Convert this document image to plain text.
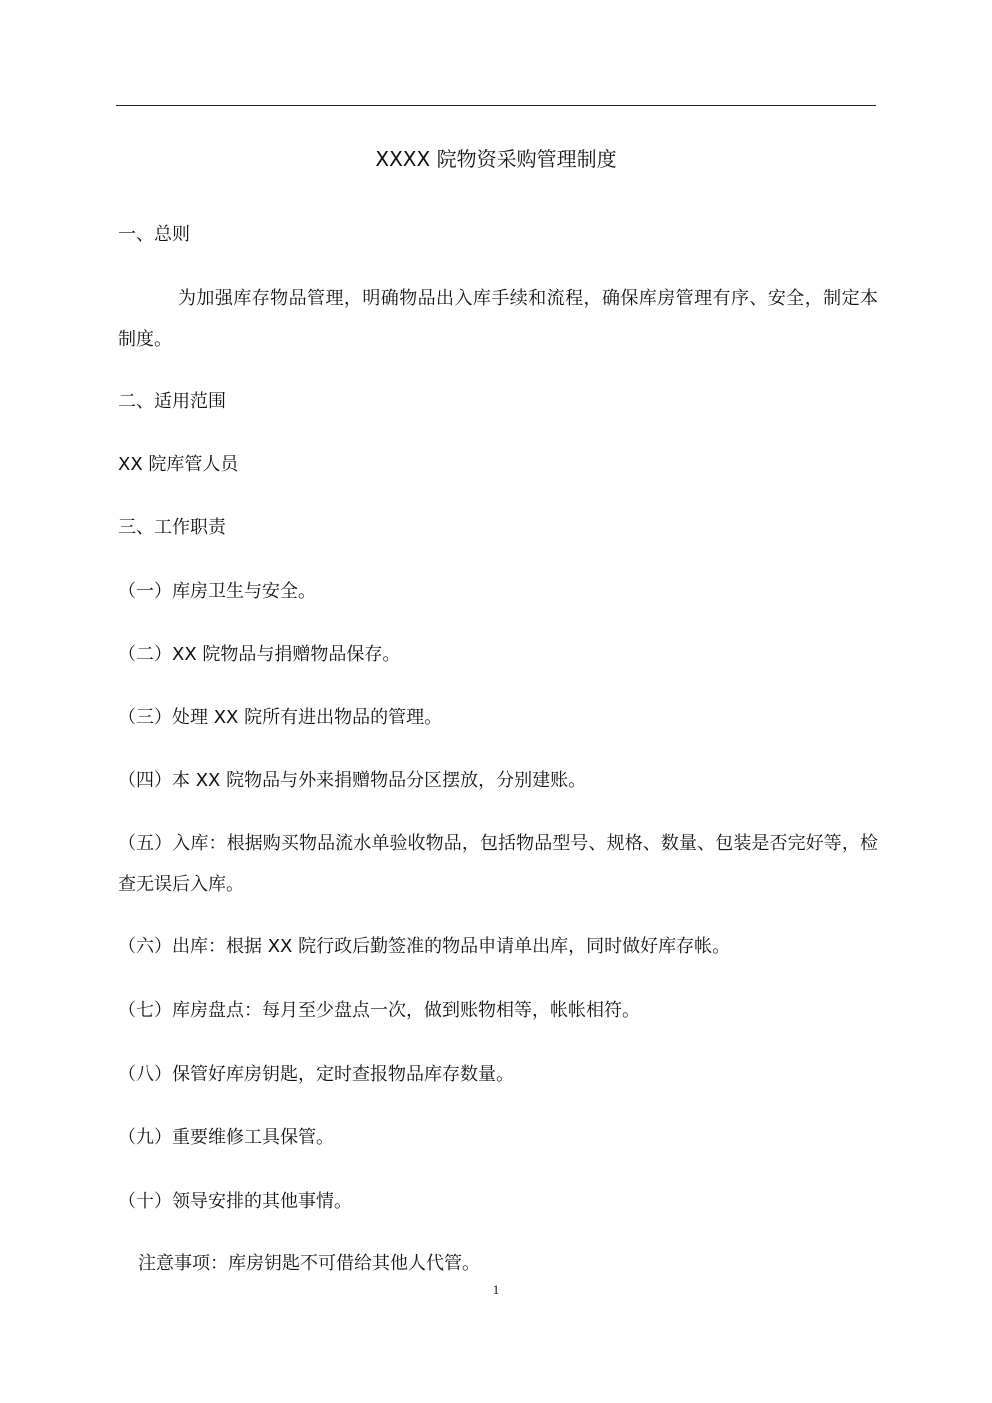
XXXX 院物资采购管理制度
一、总则
为加强库存物品管理，明确物品出入库手续和流程，确保库房管理有序、安全，制定本制度。
二、适用范围
XX 院库管人员
三、工作职责
（一）库房卫生与安全。
（二）XX 院物品与捐赠物品保存。
（三）处理 XX 院所有进出物品的管理。
（四）本 XX 院物品与外来捐赠物品分区摆放，分别建账。
（五）入库：根据购买物品流水单验收物品，包括物品型号、规格、数量、包装是否完好等，检查无误后入库。
（六）出库：根据 XX 院行政后勤签准的物品申请单出库，同时做好库存帐。
（七）库房盘点：每月至少盘点一次，做到账物相等，帐帐相符。
（八）保管好库房钥匙，定时查报物品库存数量。
（九）重要维修工具保管。
（十）领导安排的其他事情。
注意事项：库房钥匙不可借给其他人代管。
1
